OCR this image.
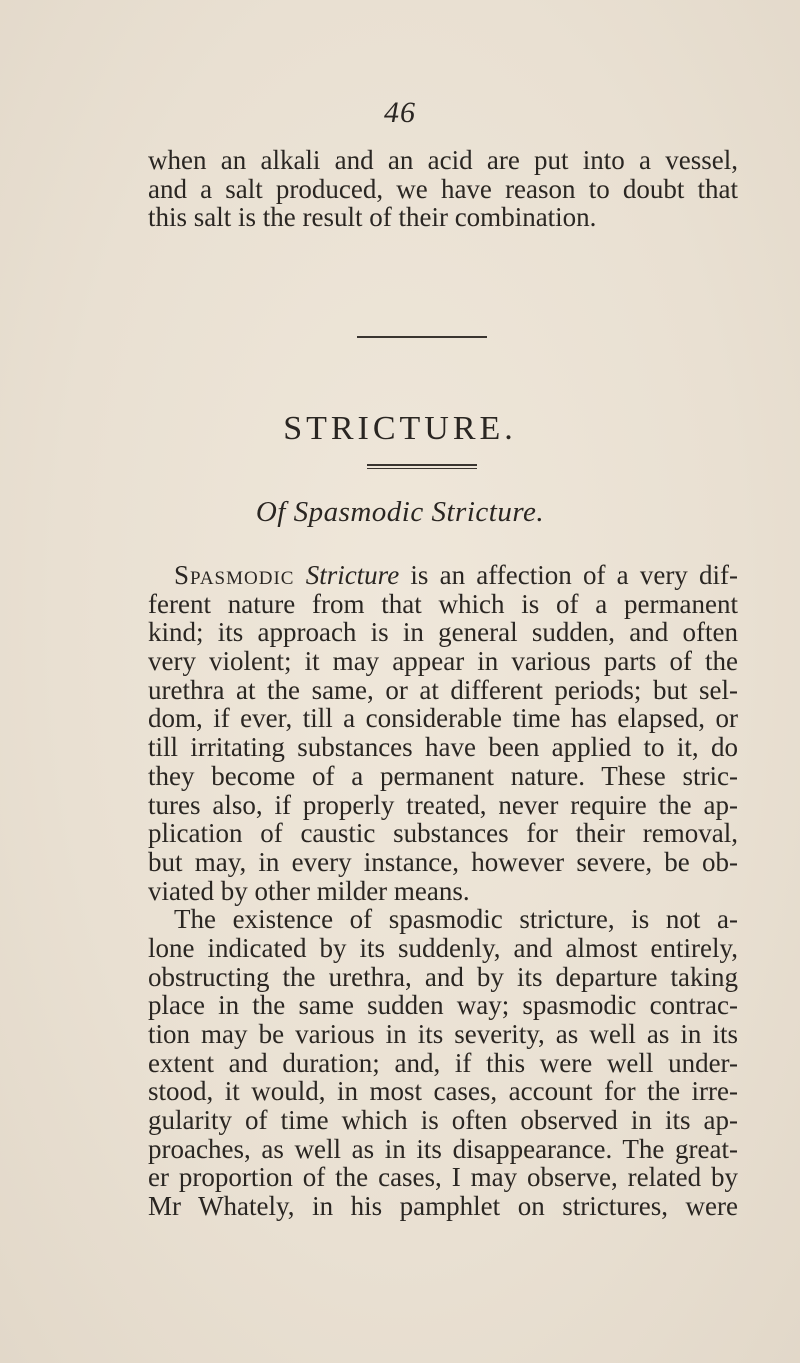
46
when an alkali and an acid are put into a vessel,
and a salt produced, we have reason to doubt that
this salt is the result of their combination.
STRICTURE.
Of Spasmodic Stricture.
Spasmodic Stricture is an affection of a very dif-
ferent nature from that which is of a permanent
kind; its approach is in general sudden, and often
very violent; it may appear in various parts of the
urethra at the same, or at different periods; but sel-
dom, if ever, till a considerable time has elapsed, or
till irritating substances have been applied to it, do
they become of a permanent nature. These stric-
tures also, if properly treated, never require the ap-
plication of caustic substances for their removal,
but may, in every instance, however severe, be ob-
viated by other milder means.
The existence of spasmodic stricture, is not a-
lone indicated by its suddenly, and almost entirely,
obstructing the urethra, and by its departure taking
place in the same sudden way; spasmodic contrac-
tion may be various in its severity, as well as in its
extent and duration; and, if this were well under-
stood, it would, in most cases, account for the irre-
gularity of time which is often observed in its ap-
proaches, as well as in its disappearance. The great-
er proportion of the cases, I may observe, related by
Mr Whately, in his pamphlet on strictures, were
